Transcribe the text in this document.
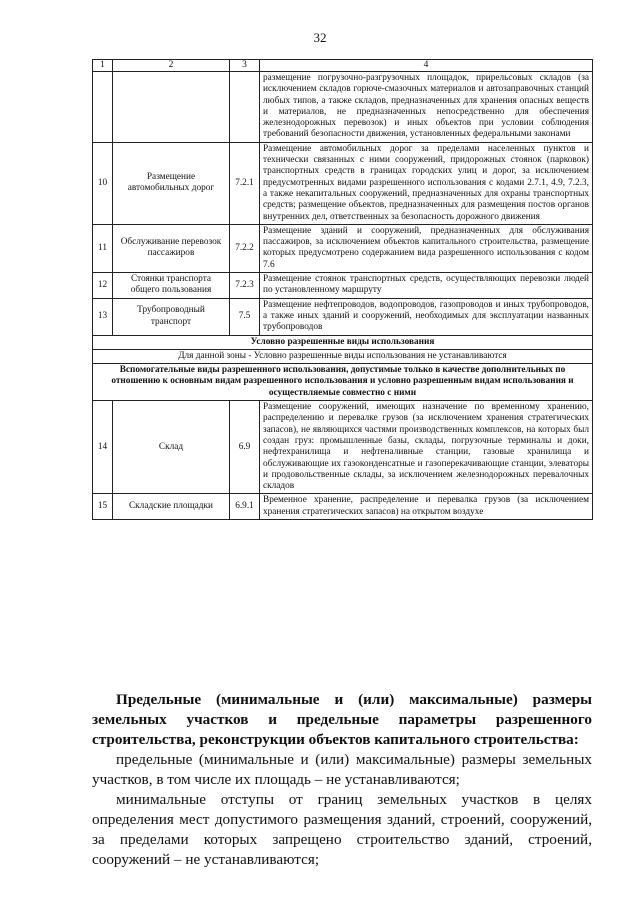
32
1	2	3	4
			размещение погрузочно-разгрузочных площадок, прирельсовых складов (за исключением складов горюче-смазочных материалов и автозаправочных станций любых типов, а также складов, предназначенных для хранения опасных веществ и материалов, не предназначенных непосредственно для обеспечения железнодорожных перевозок) и иных объектов при условии соблюдения требований безопасности движения, установленных федеральными законами
10	Размещение автомобильных дорог	7.2.1	Размещение автомобильных дорог за пределами населенных пунктов и технически связанных с ними сооружений, придорожных стоянок (парковок) транспортных средств в границах городских улиц и дорог, за исключением предусмотренных видами разрешенного использования с кодами 2.7.1, 4.9, 7.2.3, а также некапитальных сооружений, предназначенных для охраны транспортных средств; размещение объектов, предназначенных для размещения постов органов внутренних дел, ответственных за безопасность дорожного движения
11	Обслуживание перевозок пассажиров	7.2.2	Размещение зданий и сооружений, предназначенных для обслуживания пассажиров, за исключением объектов капитального строительства, размещение которых предусмотрено содержанием вида разрешенного использования с кодом 7.6
12	Стоянки транспорта общего пользования	7.2.3	Размещение стоянок транспортных средств, осуществляющих перевозки людей по установленному маршруту
13	Трубопроводный транспорт	7.5	Размещение нефтепроводов, водопроводов, газопроводов и иных трубопроводов, а также иных зданий и сооружений, необходимых для эксплуатации названных трубопроводов
Условно разрешенные виды использования			
Для данной зоны - Условно разрешенные виды использования не устанавливаются			
Вспомогательные виды разрешенного использования, допустимые только в качестве дополнительных по отношению к основным видам разрешенного использования и условно разрешенным видам использования и осуществляемые совместно с ними			
14	Склад	6.9	Размещение сооружений, имеющих назначение по временному хранению, распределению и перевалке грузов (за исключением хранения стратегических запасов), не являющихся частями производственных комплексов, на которых был создан груз: промышленные базы, склады, погрузочные терминалы и доки, нефтехранилища и нефтеналивные станции, газовые хранилища и обслуживающие их газоконденсатные и газоперекачивающие станции, элеваторы и продовольственные склады, за исключением железнодорожных перевалочных складов
15	Складские площадки	6.9.1	Временное хранение, распределение и перевалка грузов (за исключением хранения стратегических запасов) на открытом воздухе

Предельные (минимальные и (или) максимальные) размеры земельных участков и предельные параметры разрешенного строительства, реконструкции объектов капитального строительства:

предельные (минимальные и (или) максимальные) размеры земельных участков, в том числе их площадь – не устанавливаются;

минимальные отступы от границ земельных участков в целях определения мест допустимого размещения зданий, строений, сооружений, за пределами которых запрещено строительство зданий, строений, сооружений – не устанавливаются;
